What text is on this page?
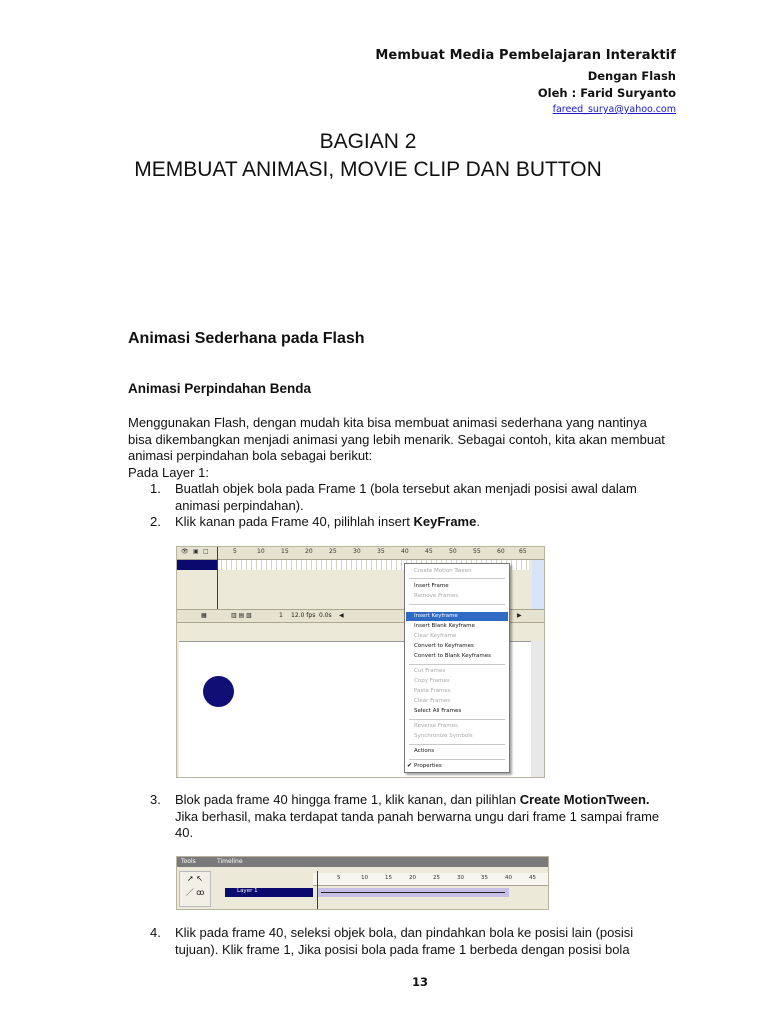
Membuat Media Pembelajaran Interaktif
Dengan Flash
Oleh : Farid Suryanto
fareed_surya@yahoo.com
BAGIAN 2
MEMBUAT ANIMASI, MOVIE CLIP DAN BUTTON
Animasi Sederhana pada Flash
Animasi Perpindahan Benda
Menggunakan Flash, dengan mudah kita bisa membuat animasi sederhana yang nantinya bisa dikembangkan menjadi animasi yang lebih menarik. Sebagai contoh, kita akan membuat animasi perpindahan bola sebagai berikut:
Pada Layer 1:
1. Buatlah objek bola pada Frame 1 (bola tersebut akan menjadi posisi awal dalam animasi perpindahan).
2. Klik kanan pada Frame 40, pilihlah insert KeyFrame.
👁 ▣ □	5	10	15	20	25	30	35	40	45	50	55	60 65
▦	▥ ▤ ▧	1 12.0 fps 0.0s ◀	▶
Create Motion Tween
Insert Frame
Remove Frames
Insert Keyframe
Insert Blank Keyframe
Clear Keyframe
Convert to Keyframes
Convert to Blank Keyframes
Cut Frames
Copy Frames
Paste Frames
Clear Frames
Select All Frames
Reverse Frames
Synchronize Symbols
Actions
✔ Properties
3. Blok pada frame 40 hingga frame 1, klik kanan, dan pilihlan Create MotionTween. Jika berhasil, maka terdapat tanda panah berwarna ungu dari frame 1 sampai frame 40.
Tools	Timeline
➚ ↖
／ ꝏ
5	10	15	20	25	30	35	40	45
Layer 1
4. Klik pada frame 40, seleksi objek bola, dan pindahkan bola ke posisi lain (posisi tujuan). Klik frame 1, Jika posisi bola pada frame 1 berbeda dengan posisi bola
13
